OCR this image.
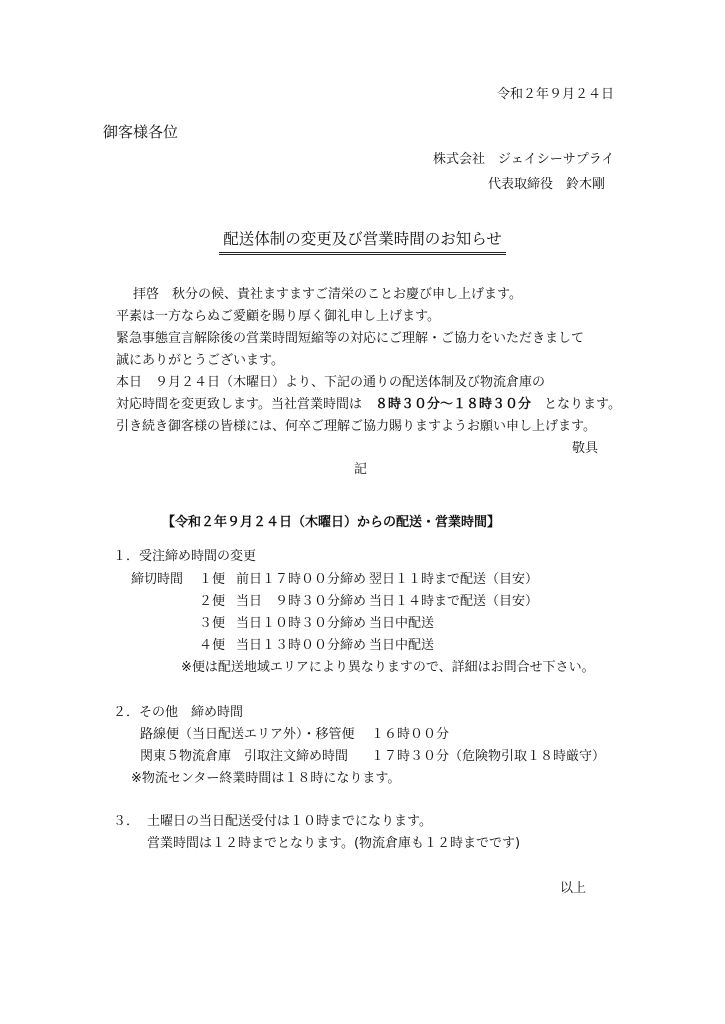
令和２年９月２４日

御客様各位

株式会社　ジェイシーサプライ

代表取締役　鈴木剛

配送体制の変更及び営業時間のお知らせ

拝啓　秋分の候、貴社ますますご清栄のことお慶び申し上げます。

平素は一方ならぬご愛顧を賜り厚く御礼申し上げます。

緊急事態宣言解除後の営業時間短縮等の対応にご理解・ご協力をいただきまして

誠にありがとうございます。

本日　９月２４日（木曜日）より、下記の通りの配送体制及び物流倉庫の

対応時間を変更致します。当社営業時間は　８時３０分～１８時３０分　となります。

引き続き御客様の皆様には、何卒ご理解ご協力賜りますようお願い申し上げます。

敬具

記

【令和２年９月２４日（木曜日）からの配送・営業時間】

１．受注締め時間の変更

締切時間 １便 前日１７時００分締め 翌日１１時まで配送（目安）

２便 当日　９時３０分締め 当日１４時まで配送（目安）

３便 当日１０時３０分締め 当日中配送

４便 当日１３時００分締め 当日中配送

※便は配送地域エリアにより異なりますので、詳細はお問合せ下さい。

２．その他　締め時間

路線便（当日配送エリア外）・移管便 １６時００分

関東５物流倉庫　引取注文締め時間 １７時３０分（危険物引取１８時厳守）

※物流センター終業時間は１８時になります。

３． 土曜日の当日配送受付は１０時までになります。

営業時間は１２時までとなります。(物流倉庫も１２時までです)

以上
